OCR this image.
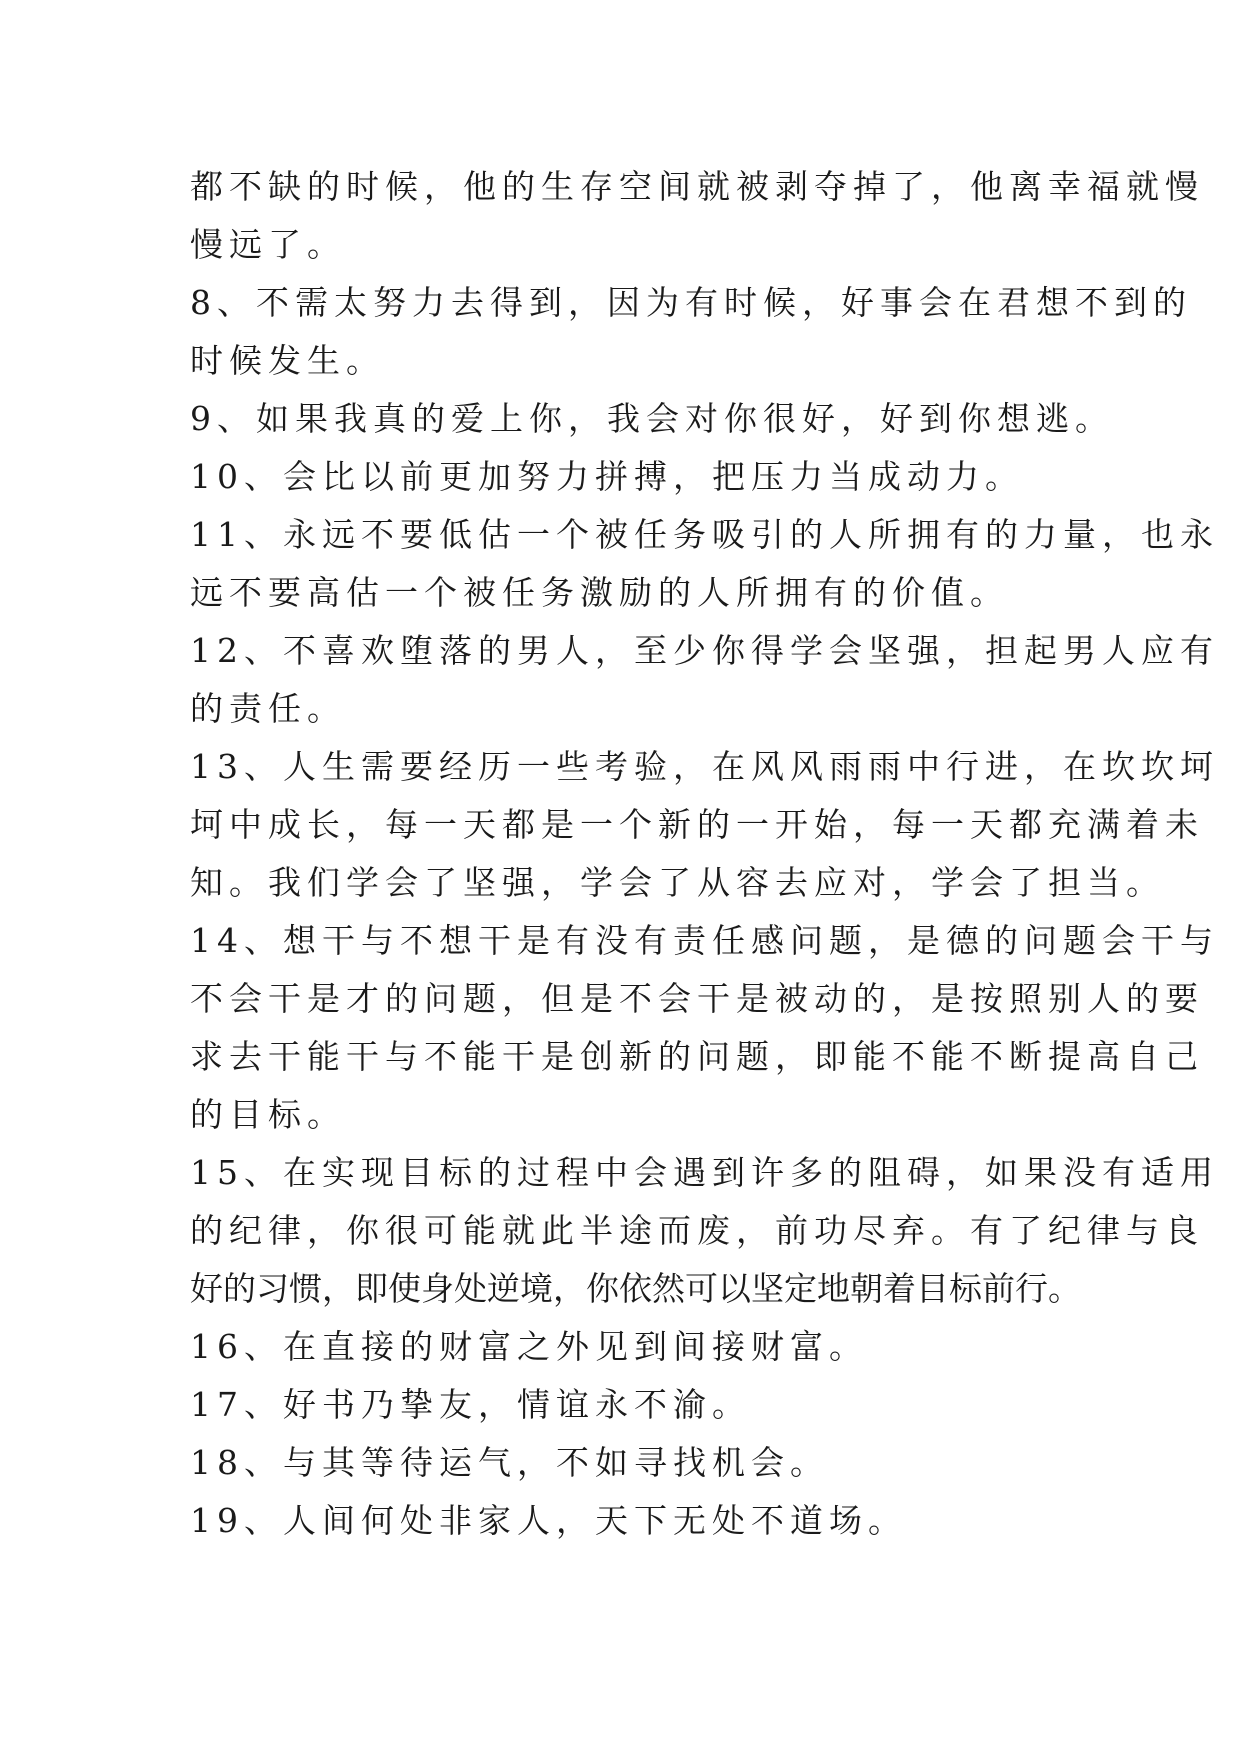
都不缺的时候，他的生存空间就被剥夺掉了，他离幸福就慢
慢远了。
8、不需太努力去得到，因为有时候，好事会在君想不到的
时候发生。
9、如果我真的爱上你，我会对你很好，好到你想逃。
10、会比以前更加努力拼搏，把压力当成动力。
11、永远不要低估一个被任务吸引的人所拥有的力量，也永
远不要高估一个被任务激励的人所拥有的价值。
12、不喜欢堕落的男人，至少你得学会坚强，担起男人应有
的责任。
13、人生需要经历一些考验，在风风雨雨中行进，在坎坎坷
坷中成长，每一天都是一个新的一开始，每一天都充满着未
知。我们学会了坚强，学会了从容去应对，学会了担当。
14、想干与不想干是有没有责任感问题，是德的问题会干与
不会干是才的问题，但是不会干是被动的，是按照别人的要
求去干能干与不能干是创新的问题，即能不能不断提高自己
的目标。
15、在实现目标的过程中会遇到许多的阻碍，如果没有适用
的纪律，你很可能就此半途而废，前功尽弃。有了纪律与良
好的习惯，即使身处逆境，你依然可以坚定地朝着目标前行。
16、在直接的财富之外见到间接财富。
17、好书乃挚友，情谊永不渝。
18、与其等待运气，不如寻找机会。
19、人间何处非家人，天下无处不道场。
